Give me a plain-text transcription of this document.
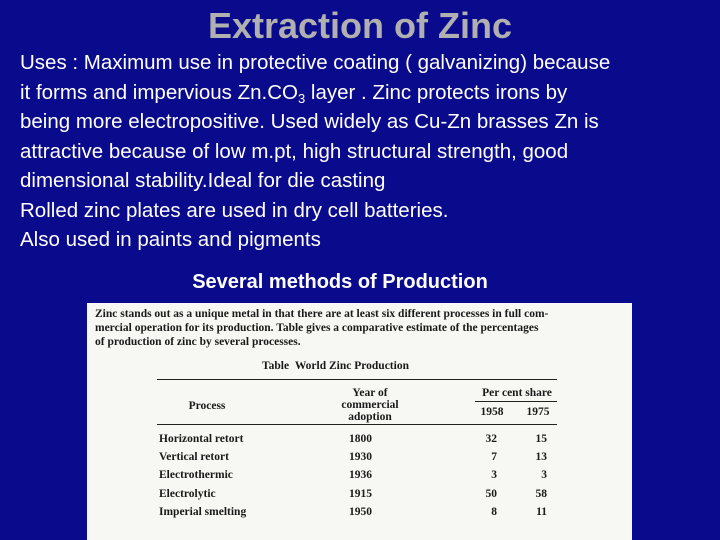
Extraction of Zinc
Uses : Maximum use in protective coating ( galvanizing) because
it forms and impervious $Zn.CO_3$ layer . Zinc protects irons by
being more electropositive. Used widely as Cu-Zn brasses Zn is
attractive because of low m.pt, high structural strength, good
dimensional stability.Ideal for die casting
Rolled zinc plates are used in dry cell batteries.
Also used in paints and pigments
Several methods of Production
Zinc stands out as a unique metal in that there are at least six different processes in full com-
mercial operation for its production. Table gives a comparative estimate of the percentages
of production of zinc by several processes.
Table World Zinc Production
Process
Year of
commercial
adoption
Per cent share
1958	1975
Horizontal retort	1800	32	15
Vertical retort	1930	7	13
Electrothermic	1936	3	3
Electrolytic	1915	50	58
Imperial smelting	1950	8	11
